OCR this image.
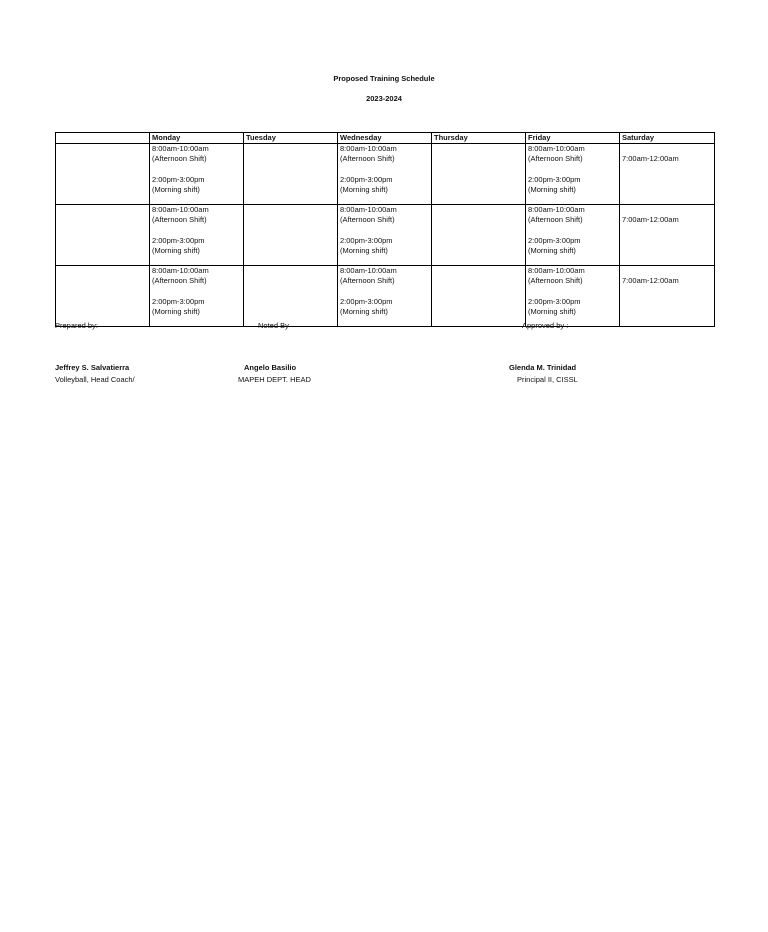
Proposed Training Schedule
2023-2024
	Monday	Tuesday	Wednesday	Thursday	Friday	Saturday

	8:00am-10:00am
(Afternoon Shift)
2:00pm-3:00pm
(Morning shift)		8:00am-10:00am
(Afternoon Shift)
2:00pm-3:00pm
(Morning shift)		8:00am-10:00am
(Afternoon Shift)
2:00pm-3:00pm
(Morning shift)	7:00am-12:00am

	8:00am-10:00am
(Afternoon Shift)
2:00pm-3:00pm
(Morning shift)		8:00am-10:00am
(Afternoon Shift)
2:00pm-3:00pm
(Morning shift)		8:00am-10:00am
(Afternoon Shift)
2:00pm-3:00pm
(Morning shift)	7:00am-12:00am

	8:00am-10:00am
(Afternoon Shift)
2:00pm-3:00pm
(Morning shift)		8:00am-10:00am
(Afternoon Shift)
2:00pm-3:00pm
(Morning shift)		8:00am-10:00am
(Afternoon Shift)
2:00pm-3:00pm
(Morning shift)	7:00am-12:00am
Prepared by:	Noted By	Approved by :
Jeffrey S. Salvatierra
Volleyball, Head Coach/
Angelo Basilio
MAPEH DEPT. HEAD
Glenda M. Trinidad
Principal II, CISSL
